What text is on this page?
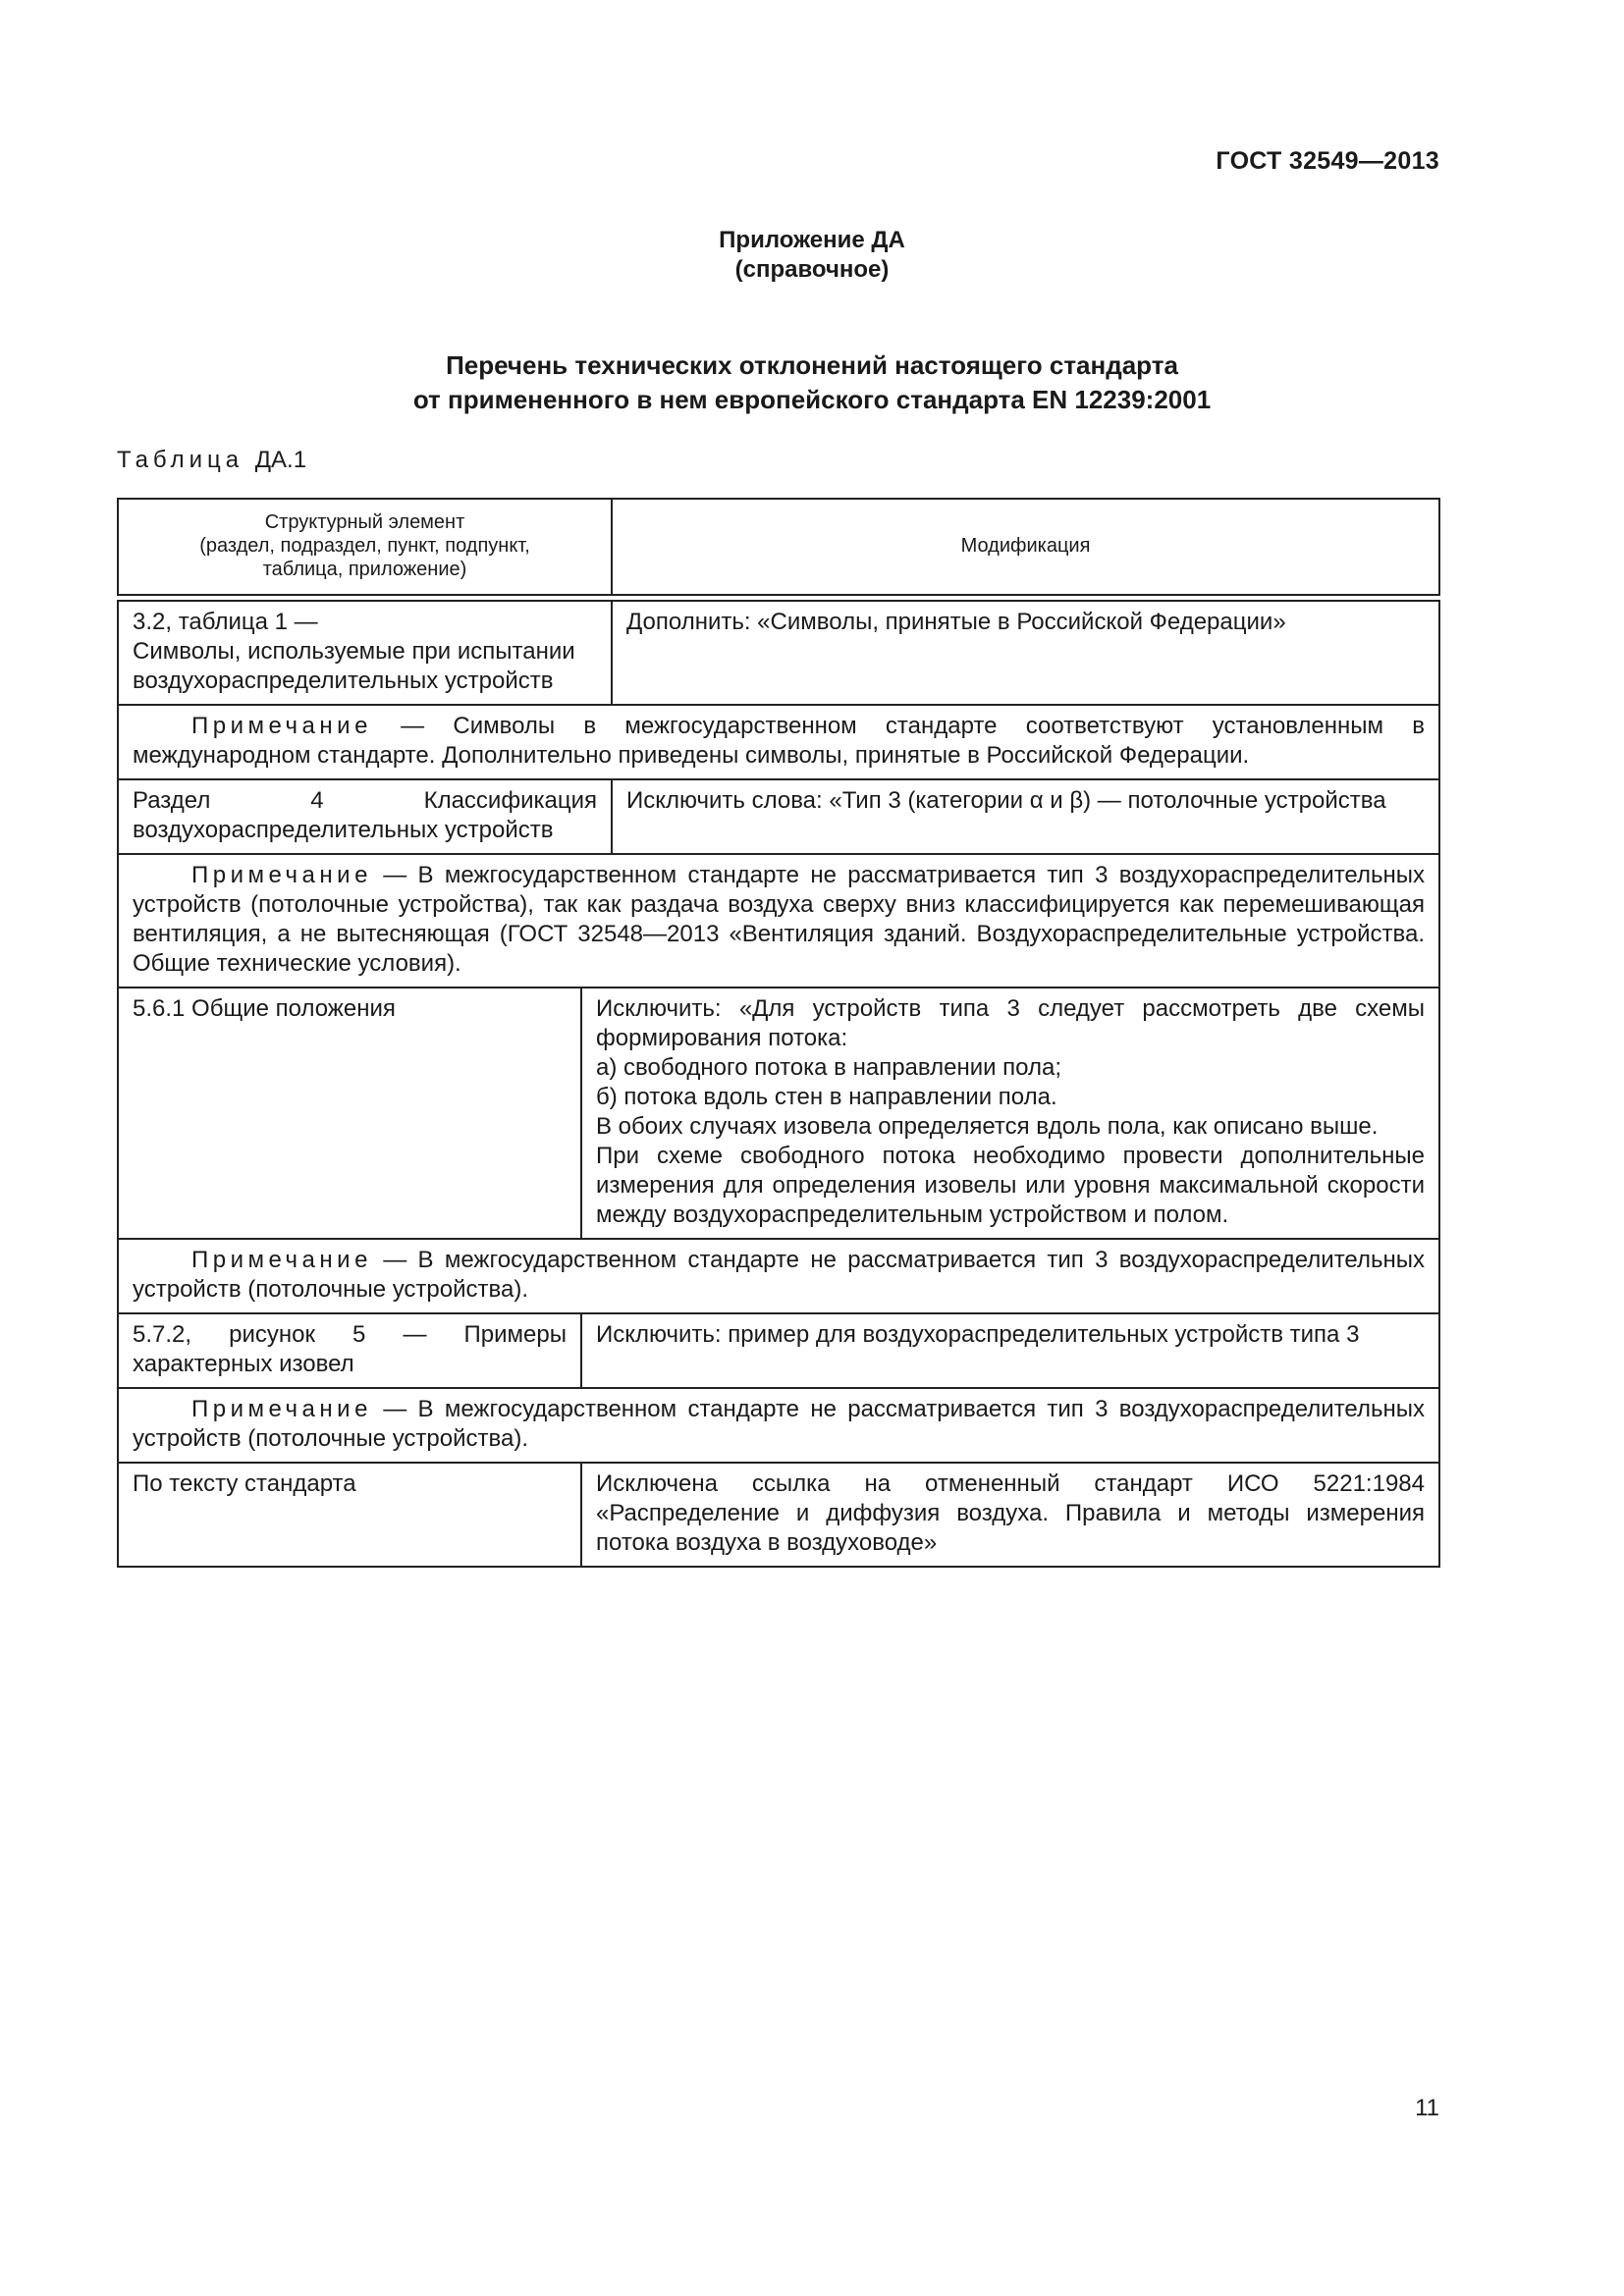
ГОСТ 32549—2013
Приложение ДА
(справочное)
Перечень технических отклонений настоящего стандарта
от примененного в нем европейского стандарта EN 12239:2001
Таблица ДА.1
Структурный элемент
(раздел, подраздел, пункт, подпункт,
таблица, приложение)
Модификация
3.2, таблица 1 —
Символы, используемые при испытании
воздухораспределительных устройств
Дополнить: «Символы, принятые в Российской Федерации»
Примечание — Символы в межгосударственном стандарте соответствуют установленным в международном стандарте. Дополнительно приведены символы, принятые в Российской Федерации.
Раздел 4 Классификация воздухораспределительных устройств
Исключить слова: «Тип 3 (категории α и β) — потолочные устройства
Примечание — В межгосударственном стандарте не рассматривается тип 3 воздухораспределительных устройств (потолочные устройства), так как раздача воздуха сверху вниз классифицируется как перемешивающая вентиляция, а не вытесняющая (ГОСТ 32548—2013 «Вентиляция зданий. Воздухораспределительные устройства. Общие технические условия).
5.6.1 Общие положения	Исключить: «Для устройств типа 3 следует рассмотреть две схемы формирования потока:
а) свободного потока в направлении пола;
б) потока вдоль стен в направлении пола.
В обоих случаях изовела определяется вдоль пола, как описано выше.
При схеме свободного потока необходимо провести дополнительные измерения для определения изовелы или уровня максимальной скорости между воздухораспределительным устройством и полом.
Примечание — В межгосударственном стандарте не рассматривается тип 3 воздухораспределительных устройств (потолочные устройства).
5.7.2, рисунок 5 — Примеры характерных изовел
Исключить: пример для воздухораспределительных устройств типа 3
Примечание — В межгосударственном стандарте не рассматривается тип 3 воздухораспределительных устройств (потолочные устройства).
По тексту стандарта	Исключена ссылка на отмененный стандарт ИСО 5221:1984 «Распределение и диффузия воздуха. Правила и методы измерения потока воздуха в воздуховоде»
11
